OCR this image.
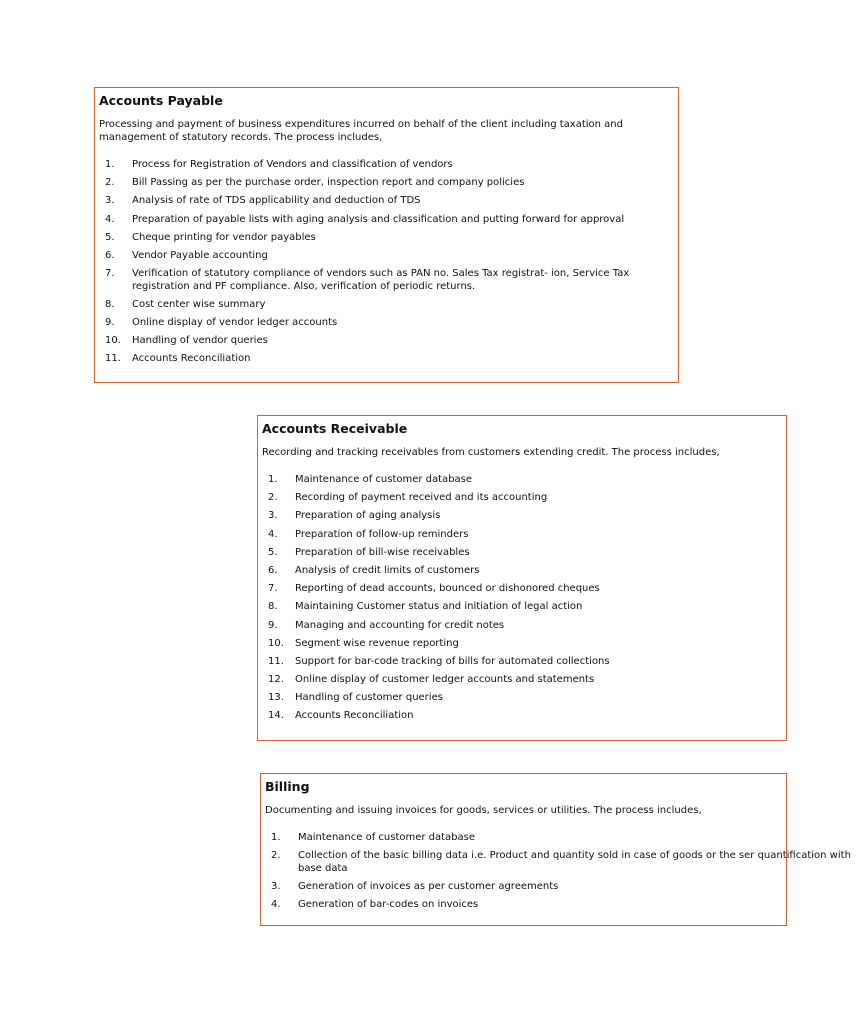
Accounts Payable

Processing and payment of business expenditures incurred on behalf of the client including taxation and management of statutory records. The process includes,

1.	Process for Registration of Vendors and classification of vendors
2.	Bill Passing as per the purchase order, inspection report and company policies
3.	Analysis of rate of TDS applicability and deduction of TDS
4.	Preparation of payable lists with aging analysis and classification and putting forward for approval
5.	Cheque printing for vendor payables
6.	Vendor Payable accounting
7.	Verification of statutory compliance of vendors such as PAN no. Sales Tax registrat- ion, Service Tax registration and PF compliance. Also, verification of periodic returns.
8.	Cost center wise summary
9.	Online display of vendor ledger accounts
10.	Handling of vendor queries
11.	Accounts Reconciliation
Accounts Receivable

Recording and tracking receivables from customers extending credit. The process includes,

1.	Maintenance of customer database
2.	Recording of payment received and its accounting
3.	Preparation of aging analysis
4.	Preparation of follow-up reminders
5.	Preparation of bill-wise receivables
6.	Analysis of credit limits of customers
7.	Reporting of dead accounts, bounced or dishonored cheques
8.	Maintaining Customer status and initiation of legal action
9.	Managing and accounting for credit notes
10.	Segment wise revenue reporting
11.	Support for bar-code tracking of bills for automated collections
12.	Online display of customer ledger accounts and statements
13.	Handling of customer queries
14.	Accounts Reconciliation
Billing

Documenting and issuing invoices for goods, services or utilities. The process includes,

1.	Maintenance of customer database
2.	Collection of the basic billing data i.e. Product and quantity sold in case of goods or the ser quantification with base data
3.	Generation of invoices as per customer agreements
4.	Generation of bar-codes on invoices
